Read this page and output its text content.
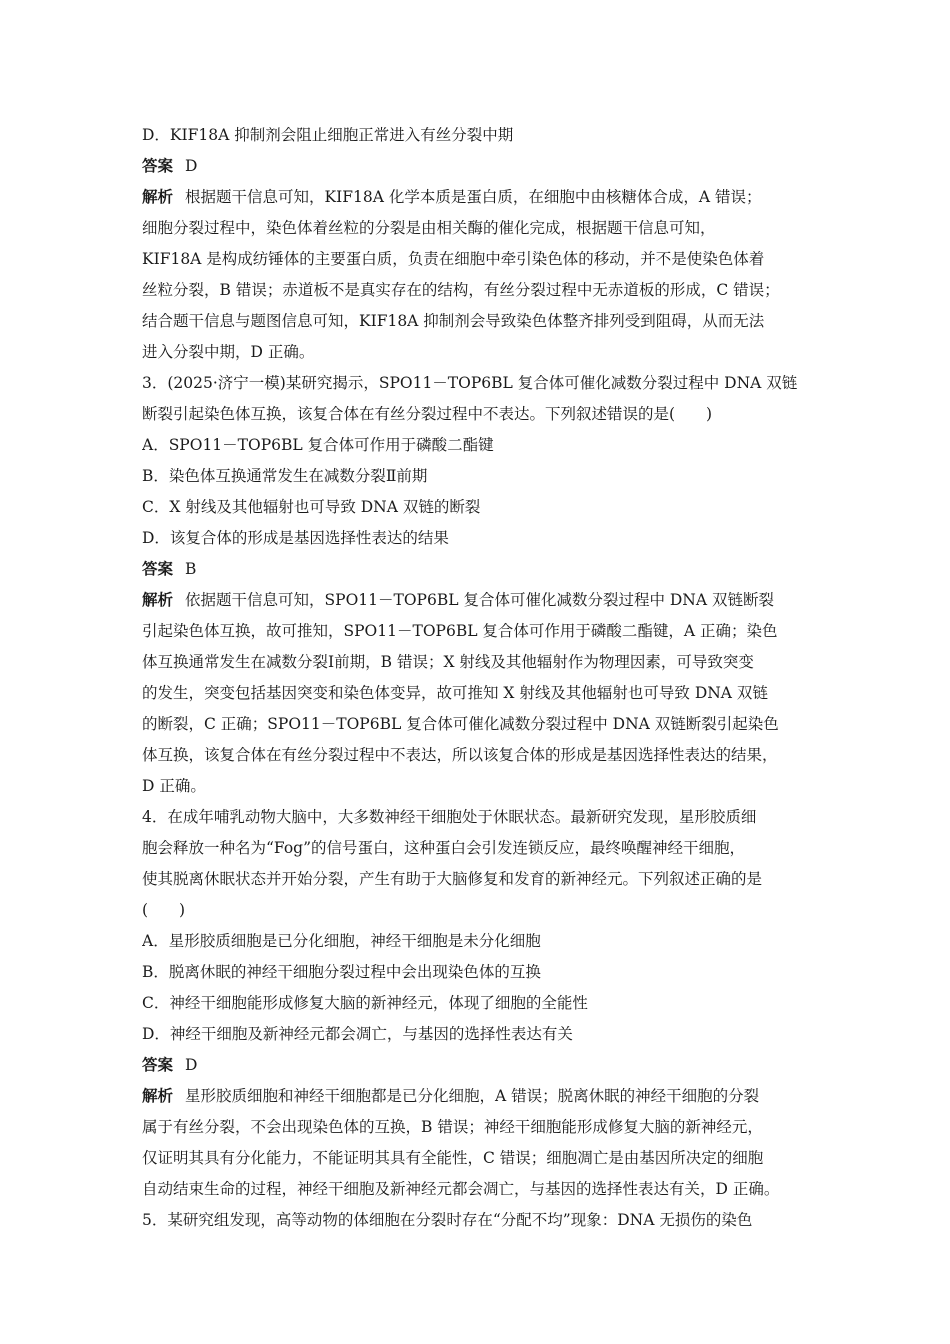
D．KIF18A 抑制剂会阻止细胞正常进入有丝分裂中期
答案 D
解析 根据题干信息可知，KIF18A 化学本质是蛋白质，在细胞中由核糖体合成，A 错误；
细胞分裂过程中，染色体着丝粒的分裂是由相关酶的催化完成，根据题干信息可知，
KIF18A 是构成纺锤体的主要蛋白质，负责在细胞中牵引染色体的移动，并不是使染色体着
丝粒分裂，B 错误；赤道板不是真实存在的结构，有丝分裂过程中无赤道板的形成，C 错误；
结合题干信息与题图信息可知，KIF18A 抑制剂会导致染色体整齐排列受到阻碍，从而无法
进入分裂中期，D 正确。
3．(2025·济宁一模)某研究揭示，SPO11－TOP6BL 复合体可催化减数分裂过程中 DNA 双链
断裂引起染色体互换，该复合体在有丝分裂过程中不表达。下列叙述错误的是(　　)
A．SPO11－TOP6BL 复合体可作用于磷酸二酯键
B．染色体互换通常发生在减数分裂Ⅱ前期
C．X 射线及其他辐射也可导致 DNA 双链的断裂
D．该复合体的形成是基因选择性表达的结果
答案 B
解析 依据题干信息可知，SPO11－TOP6BL 复合体可催化减数分裂过程中 DNA 双链断裂
引起染色体互换，故可推知，SPO11－TOP6BL 复合体可作用于磷酸二酯键，A 正确；染色
体互换通常发生在减数分裂Ⅰ前期，B 错误；X 射线及其他辐射作为物理因素，可导致突变
的发生，突变包括基因突变和染色体变异，故可推知 X 射线及其他辐射也可导致 DNA 双链
的断裂，C 正确；SPO11－TOP6BL 复合体可催化减数分裂过程中 DNA 双链断裂引起染色
体互换，该复合体在有丝分裂过程中不表达，所以该复合体的形成是基因选择性表达的结果，
D 正确。
4．在成年哺乳动物大脑中，大多数神经干细胞处于休眠状态。最新研究发现，星形胶质细
胞会释放一种名为“Fog”的信号蛋白，这种蛋白会引发连锁反应，最终唤醒神经干细胞，
使其脱离休眠状态并开始分裂，产生有助于大脑修复和发育的新神经元。下列叙述正确的是
(　　)
A．星形胶质细胞是已分化细胞，神经干细胞是未分化细胞
B．脱离休眠的神经干细胞分裂过程中会出现染色体的互换
C．神经干细胞能形成修复大脑的新神经元，体现了细胞的全能性
D．神经干细胞及新神经元都会凋亡，与基因的选择性表达有关
答案 D
解析 星形胶质细胞和神经干细胞都是已分化细胞，A 错误；脱离休眠的神经干细胞的分裂
属于有丝分裂，不会出现染色体的互换，B 错误；神经干细胞能形成修复大脑的新神经元，
仅证明其具有分化能力，不能证明其具有全能性，C 错误；细胞凋亡是由基因所决定的细胞
自动结束生命的过程，神经干细胞及新神经元都会凋亡，与基因的选择性表达有关，D 正确。
5．某研究组发现，高等动物的体细胞在分裂时存在“分配不均”现象：DNA 无损伤的染色
